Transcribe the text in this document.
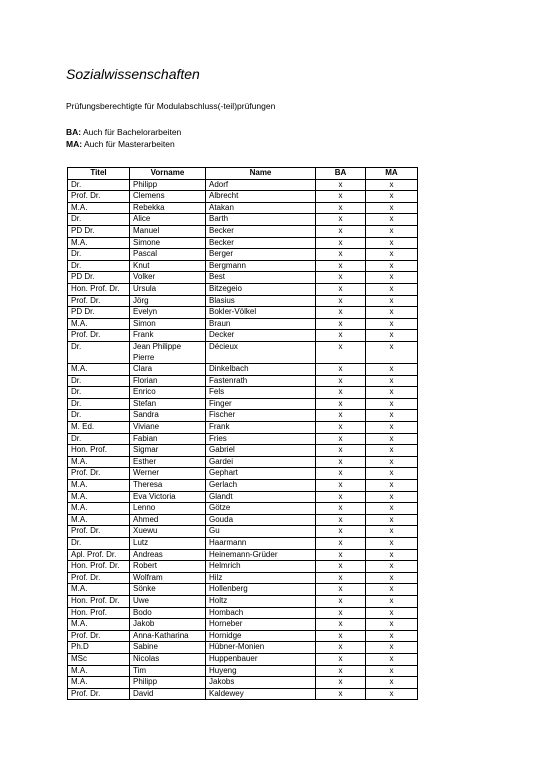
Sozialwissenschaften
Prüfungsberechtigte für Modulabschluss(-teil)prüfungen
BA: Auch für Bachelorarbeiten
MA: Auch für Masterarbeiten
Titel	Vorname	Name	BA	MA
Dr.	Philipp	Adorf	x	x
Prof. Dr.	Clemens	Albrecht	x	x
M.A.	Rebekka	Atakan	x	x
Dr.	Alice	Barth	x	x
PD Dr.	Manuel	Becker	x	x
M.A.	Simone	Becker	x	x
Dr.	Pascal	Berger	x	x
Dr.	Knut	Bergmann	x	x
PD Dr.	Volker	Best	x	x
Hon. Prof. Dr.	Ursula	Bitzegeio	x	x
Prof. Dr.	Jörg	Blasius	x	x
PD Dr.	Evelyn	Bokler-Völkel	x	x
M.A.	Simon	Braun	x	x
Prof. Dr.	Frank	Decker	x	x
Dr.	Jean Philippe Pierre	Décieux	x	x
M.A.	Clara	Dinkelbach	x	x
Dr.	Florian	Fastenrath	x	x
Dr.	Enrico	Fels	x	x
Dr.	Stefan	Finger	x	x
Dr.	Sandra	Fischer	x	x
M. Ed.	Viviane	Frank	x	x
Dr.	Fabian	Fries	x	x
Hon. Prof.	Sigmar	Gabriel	x	x
M.A.	Esther	Gardei	x	x
Prof. Dr.	Werner	Gephart	x	x
M.A.	Theresa	Gerlach	x	x
M.A.	Eva Victoria	Glandt	x	x
M.A.	Lenno	Götze	x	x
M.A.	Ahmed	Gouda	x	x
Prof. Dr.	Xuewu	Gu	x	x
Dr.	Lutz	Haarmann	x	x
Apl. Prof. Dr.	Andreas	Heinemann-Grüder	x	x
Hon. Prof. Dr.	Robert	Helmrich	x	x
Prof. Dr.	Wolfram	Hilz	x	x
M.A.	Sönke	Hollenberg	x	x
Hon. Prof. Dr.	Uwe	Holtz	x	x
Hon. Prof.	Bodo	Hombach	x	x
M.A.	Jakob	Horneber	x	x
Prof. Dr.	Anna-Katharina	Hornidge	x	x
Ph.D	Sabine	Hübner-Monien	x	x
MSc	Nicolas	Huppenbauer	x	x
M.A.	Tim	Huyeng	x	x
M.A.	Philipp	Jakobs	x	x
Prof. Dr.	David	Kaldewey	x	x
